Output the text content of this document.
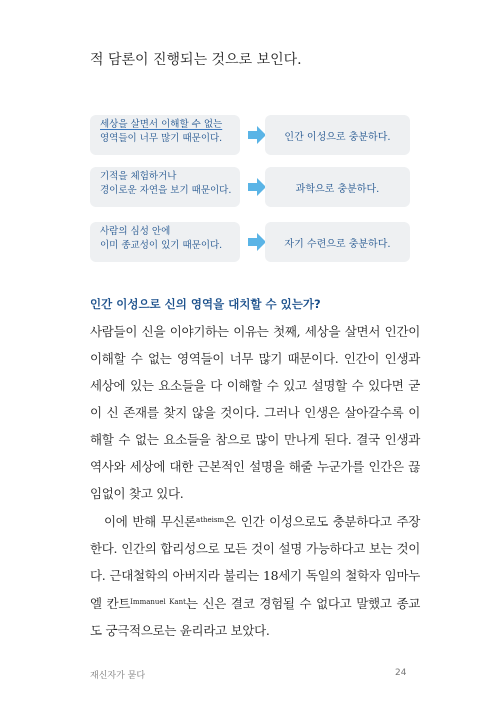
적 담론이 진행되는 것으로 보인다.
세상을 살면서 이해할 수 없는
영역들이 너무 많기 때문이다.	인간 이성으로 충분하다.
기적을 체험하거나
경이로운 자연을 보기 때문이다.	과학으로 충분하다.
사람의 심성 안에
이미 종교성이 있기 때문이다.	자기 수련으로 충분하다.
인간 이성으로 신의 영역을 대치할 수 있는가?

사람들이 신을 이야기하는 이유는 첫째, 세상을 살면서 인간이 이해할 수 없는 영역들이 너무 많기 때문이다. 인간이 인생과 세상에 있는 요소들을 다 이해할 수 있고 설명할 수 있다면 굳이 신 존재를 찾지 않을 것이다. 그러나 인생은 살아갈수록 이해할 수 없는 요소들을 참으로 많이 만나게 된다. 결국 인생과 역사와 세상에 대한 근본적인 설명을 해줄 누군가를 인간은 끊임없이 찾고 있다.

이에 반해 무신론$^{atheism}$은 인간 이성으로도 충분하다고 주장한다. 인간의 합리성으로 모든 것이 설명 가능하다고 보는 것이다. 근대철학의 아버지라 불리는 18세기 독일의 철학자 임마누엘 칸트$^{Immanuel Kant}$는 신은 결코 경험될 수 없다고 말했고 종교도 궁극적으로는 윤리라고 보았다.

재신자가 묻다	24
